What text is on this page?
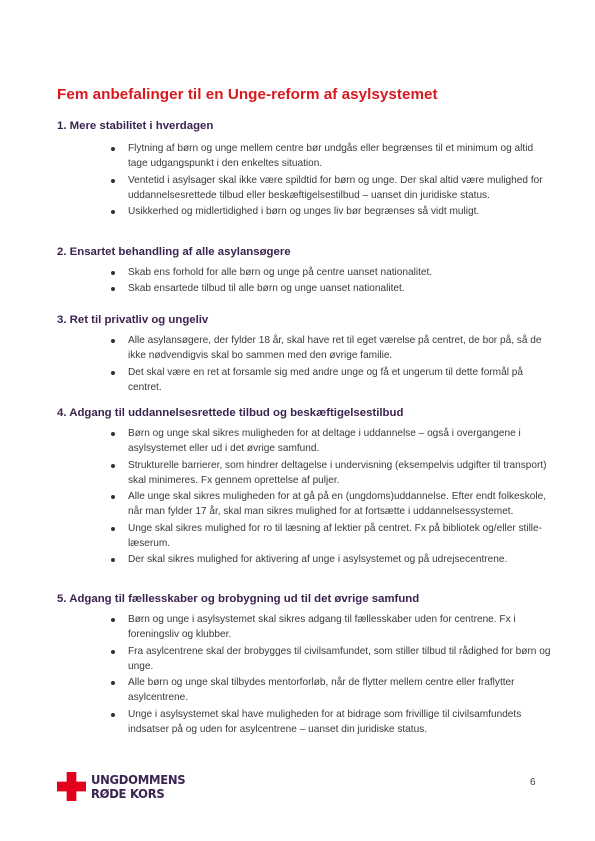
Fem anbefalinger til en Unge-reform af asylsystemet
1. Mere stabilitet i hverdagen
Flytning af børn og unge mellem centre bør undgås eller begrænses til et minimum og altid tage udgangspunkt i den enkeltes situation.
Ventetid i asylsager skal ikke være spildtid for børn og unge. Der skal altid være mulighed for uddannelsesrettede tilbud eller beskæftigelsestilbud – uanset din juridiske status.
Usikkerhed og midlertidighed i børn og unges liv bør begrænses så vidt muligt.
2. Ensartet behandling af alle asylansøgere
Skab ens forhold for alle børn og unge på centre uanset nationalitet.
Skab ensartede tilbud til alle børn og unge uanset nationalitet.
3. Ret til privatliv og ungeliv
Alle asylansøgere, der fylder 18 år, skal have ret til eget værelse på centret, de bor på, så de ikke nødvendigvis skal bo sammen med den øvrige familie.
Det skal være en ret at forsamle sig med andre unge og få et ungerum til dette formål på centret.
4. Adgang til uddannelsesrettede tilbud og beskæftigelsestilbud
Børn og unge skal sikres muligheden for at deltage i uddannelse – også i overgangene i asylsystemet eller ud i det øvrige samfund.
Strukturelle barrierer, som hindrer deltagelse i undervisning (eksempelvis udgifter til transport) skal minimeres. Fx gennem oprettelse af puljer.
Alle unge skal sikres muligheden for at gå på en (ungdoms)uddannelse. Efter endt folkeskole, når man fylder 17 år, skal man sikres mulighed for at fortsætte i uddannelsessystemet.
Unge skal sikres mulighed for ro til læsning af lektier på centret. Fx på bibliotek og/eller stille-læserum.
Der skal sikres mulighed for aktivering af unge i asylsystemet og på udrejsecentrene.
5. Adgang til fællesskaber og brobygning ud til det øvrige samfund
Børn og unge i asylsystemet skal sikres adgang til fællesskaber uden for centrene. Fx i foreningsliv og klubber.
Fra asylcentrene skal der brobygges til civilsamfundet, som stiller tilbud til rådighed for børn og unge.
Alle børn og unge skal tilbydes mentorforløb, når de flytter mellem centre eller fraflytter asylcentrene.
Unge i asylsystemet skal have muligheden for at bidrage som frivillige til civilsamfundets indsatser på og uden for asylcentrene – uanset din juridiske status.
UNGDOMMENS
RØDE KORS
6
